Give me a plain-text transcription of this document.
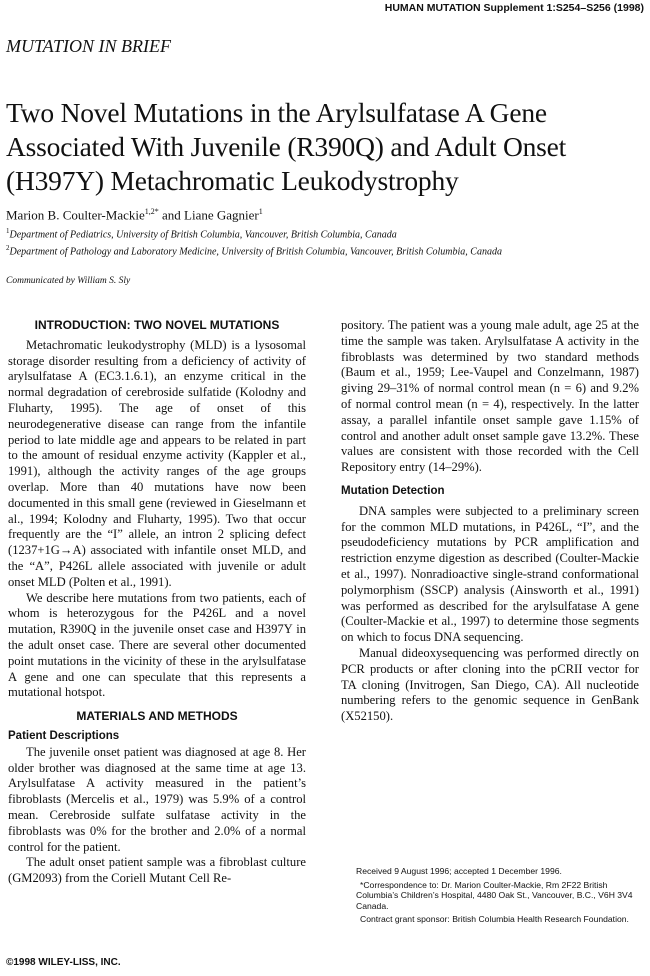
HUMAN MUTATION Supplement 1:S254–S256 (1998)
MUTATION IN BRIEF
Two Novel Mutations in the Arylsulfatase A Gene Associated With Juvenile (R390Q) and Adult Onset (H397Y) Metachromatic Leukodystrophy
Marion B. Coulter-Mackie$^{1,2*}$ and Liane Gagnier$^1$
$^1$Department of Pediatrics, University of British Columbia, Vancouver, British Columbia, Canada
$^2$Department of Pathology and Laboratory Medicine, University of British Columbia, Vancouver, British Columbia, Canada
Communicated by William S. Sly
INTRODUCTION: TWO NOVEL MUTATIONS

Metachromatic leukodystrophy (MLD) is a lysosomal storage disorder resulting from a deficiency of activity of arylsulfatase A (EC3.1.6.1), an enzyme critical in the normal degradation of cerebroside sulfatide (Kolodny and Fluharty, 1995). The age of onset of this neurodegenerative disease can range from the infantile period to late middle age and appears to be related in part to the amount of residual enzyme activity (Kappler et al., 1991), although the activity ranges of the age groups overlap. More than 40 mutations have now been documented in this small gene (reviewed in Gieselmann et al., 1994; Kolodny and Fluharty, 1995). Two that occur frequently are the “I” allele, an intron 2 splicing defect (1237+1G→A) associated with infantile onset MLD, and the “A”, P426L allele associated with juvenile or adult onset MLD (Polten et al., 1991).

We describe here mutations from two patients, each of whom is heterozygous for the P426L and a novel mutation, R390Q in the juvenile onset case and H397Y in the adult onset case. There are several other documented point mutations in the vicinity of these in the arylsulfatase A gene and one can speculate that this represents a mutational hotspot.

MATERIALS AND METHODS
Patient Descriptions

The juvenile onset patient was diagnosed at age 8. Her older brother was diagnosed at the same time at age 13. Arylsulfatase A activity measured in the patient’s fibroblasts (Mercelis et al., 1979) was 5.9% of a control mean. Cerebroside sulfate sulfatase activity in the fibroblasts was 0% for the brother and 2.0% of a normal control for the patient.

The adult onset patient sample was a fibroblast culture (GM2093) from the Coriell Mutant Cell Re-

pository. The patient was a young male adult, age 25 at the time the sample was taken. Arylsulfatase A activity in the fibroblasts was determined by two standard methods (Baum et al., 1959; Lee-Vaupel and Conzelmann, 1987) giving 29–31% of normal control mean (n = 6) and 9.2% of normal control mean (n = 4), respectively. In the latter assay, a parallel infantile onset sample gave 1.15% of control and another adult onset sample gave 13.2%. These values are consistent with those recorded with the Cell Repository entry (14–29%).

Mutation Detection

DNA samples were subjected to a preliminary screen for the common MLD mutations, in P426L, “I”, and the pseudodeficiency mutations by PCR amplification and restriction enzyme digestion as described (Coulter-Mackie et al., 1997). Nonradioactive single-strand conformational polymorphism (SSCP) analysis (Ainsworth et al., 1991) was performed as described for the arylsulfatase A gene (Coulter-Mackie et al., 1997) to determine those segments on which to focus DNA sequencing.

Manual dideoxysequencing was performed directly on PCR products or after cloning into the pCRII vector for TA cloning (Invitrogen, San Diego, CA). All nucleotide numbering refers to the genomic sequence in GenBank (X52150).

Received 9 August 1996; accepted 1 December 1996.

*Correspondence to: Dr. Marion Coulter-Mackie, Rm 2F22 British Columbia’s Children’s Hospital, 4480 Oak St., Vancouver, B.C., V6H 3V4 Canada.

Contract grant sponsor: British Columbia Health Research Foundation.

©1998 WILEY-LISS, INC.
